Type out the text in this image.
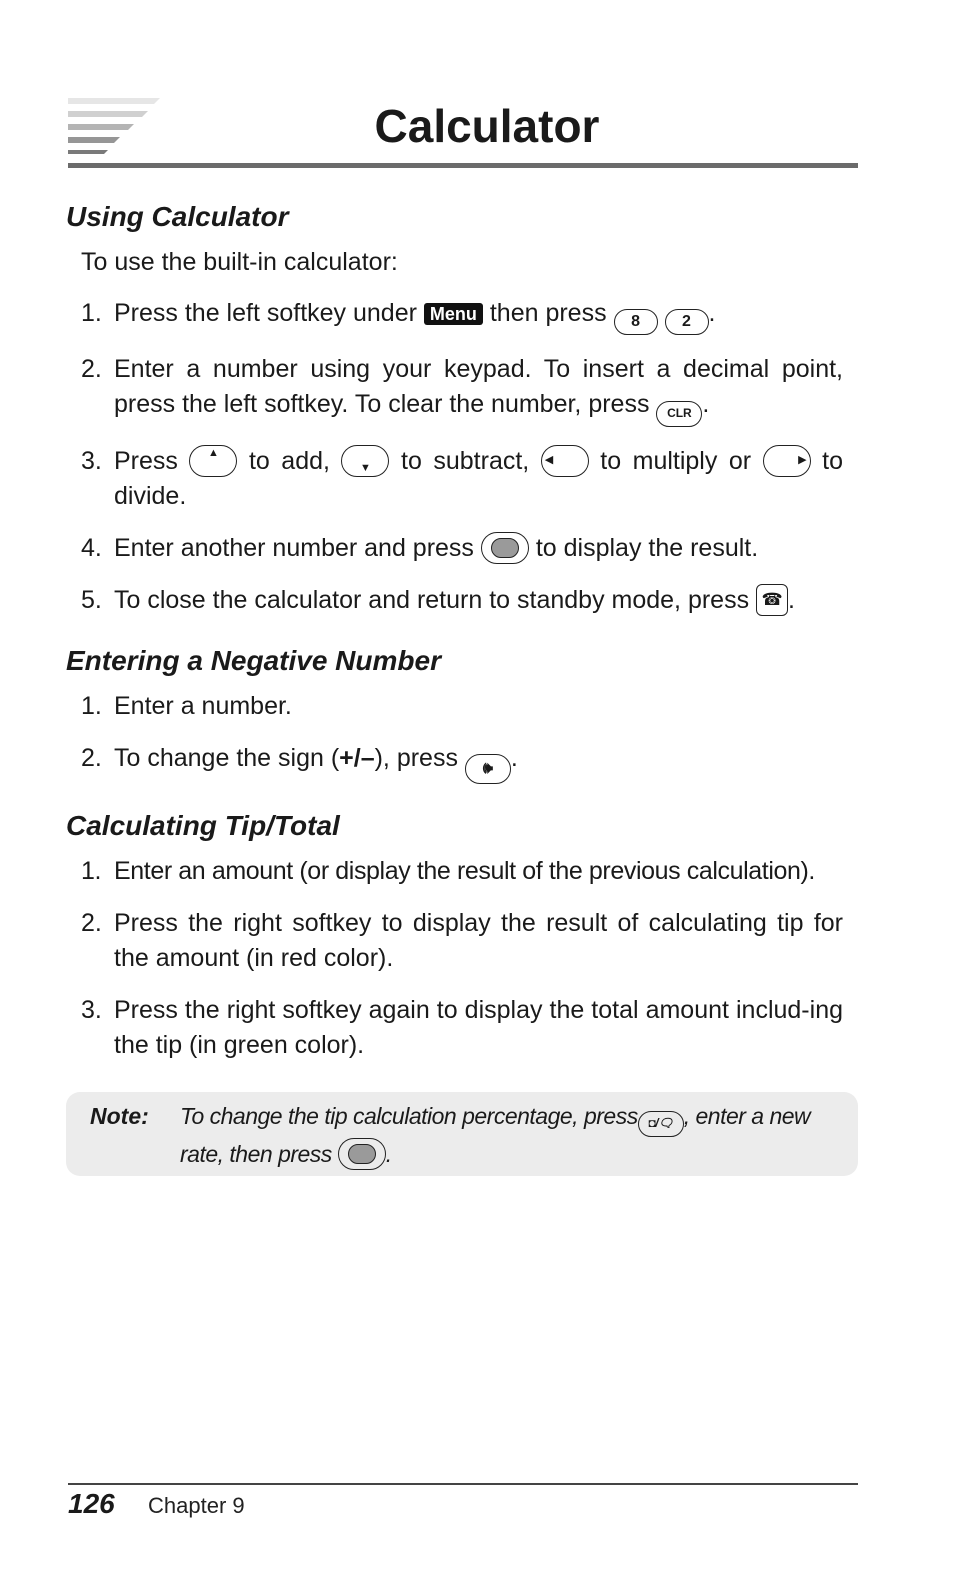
Calculator
Using Calculator

To use the built-in calculator:

1. Press the left softkey under Menu then press 8	2 .
2. Enter a number using your keypad. To insert a decimal point, press the left softkey. To clear the number, press CLR .
3. Press	▲	to add,	▼	to subtract, ◀ to multiply or	▶ to divide.
4. Enter another number and press to display the result.
5. To close the calculator and return to standby mode, press ☎ .
Entering a Negative Number
1. Enter a number.
2. To change the sign (+/–), press 🕪 .
Calculating Tip/Total
1. Enter an amount (or display the result of the previous calculation).
2. Press the right softkey to display the result of calculating tip for the amount (in red color).
3. Press the right softkey again to display the total amount includ-ing the tip (in green color).
Note: To change the tip calculation percentage, press ◘/🗨 , enter a new rate, then press .
126 Chapter 9
